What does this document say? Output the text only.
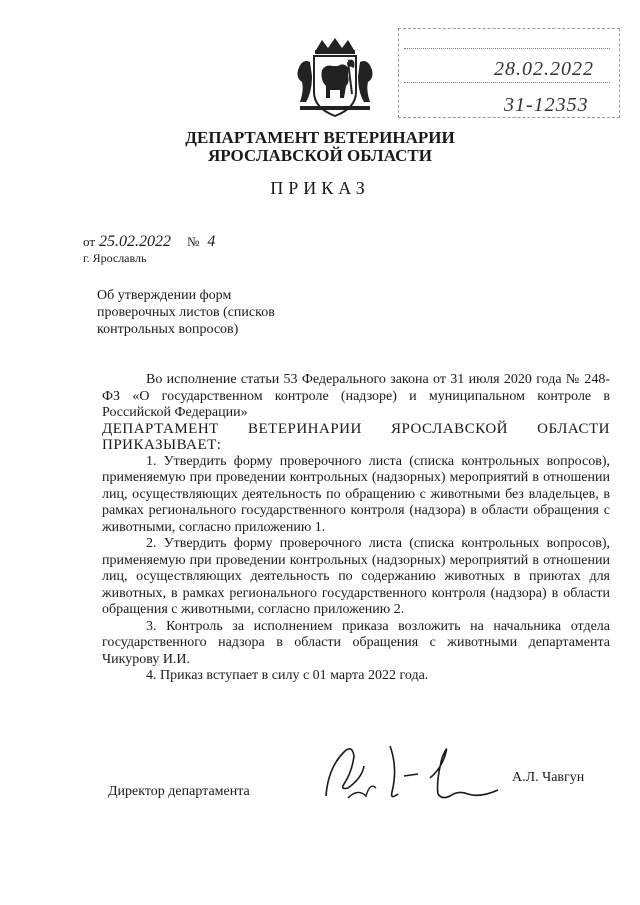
28.02.2022
31-12353
ДЕПАРТАМЕНТ ВЕТЕРИНАРИИ
ЯРОСЛАВСКОЙ ОБЛАСТИ
ПРИКАЗ
от 25.02.2022 № 4
г. Ярославль
Об утверждении форм
проверочных листов (списков
контрольных вопросов)

Во исполнение статьи 53 Федерального закона от 31 июля 2020 года № 248-ФЗ «О государственном контроле (надзоре) и муниципальном контроле в Российской Федерации»

ДЕПАРТАМЕНТ ВЕТЕРИНАРИИ ЯРОСЛАВСКОЙ ОБЛАСТИ

ПРИКАЗЫВАЕТ:

1. Утвердить форму проверочного листа (списка контрольных вопросов), применяемую при проведении контрольных (надзорных) мероприятий в отношении лиц, осуществляющих деятельность по обращению с животными без владельцев, в рамках регионального государственного контроля (надзора) в области обращения с животными, согласно приложению 1.

2. Утвердить форму проверочного листа (списка контрольных вопросов), применяемую при проведении контрольных (надзорных) мероприятий в отношении лиц, осуществляющих деятельность по содержанию животных в приютах для животных, в рамках регионального государственного контроля (надзора) в области обращения с животными, согласно приложению 2.

3. Контроль за исполнением приказа возложить на начальника отдела государственного надзора в области обращения с животными департамента Чикурову И.И.

4. Приказ вступает в силу с 01 марта 2022 года.

Директор департамента
А.Л. Чавгун
